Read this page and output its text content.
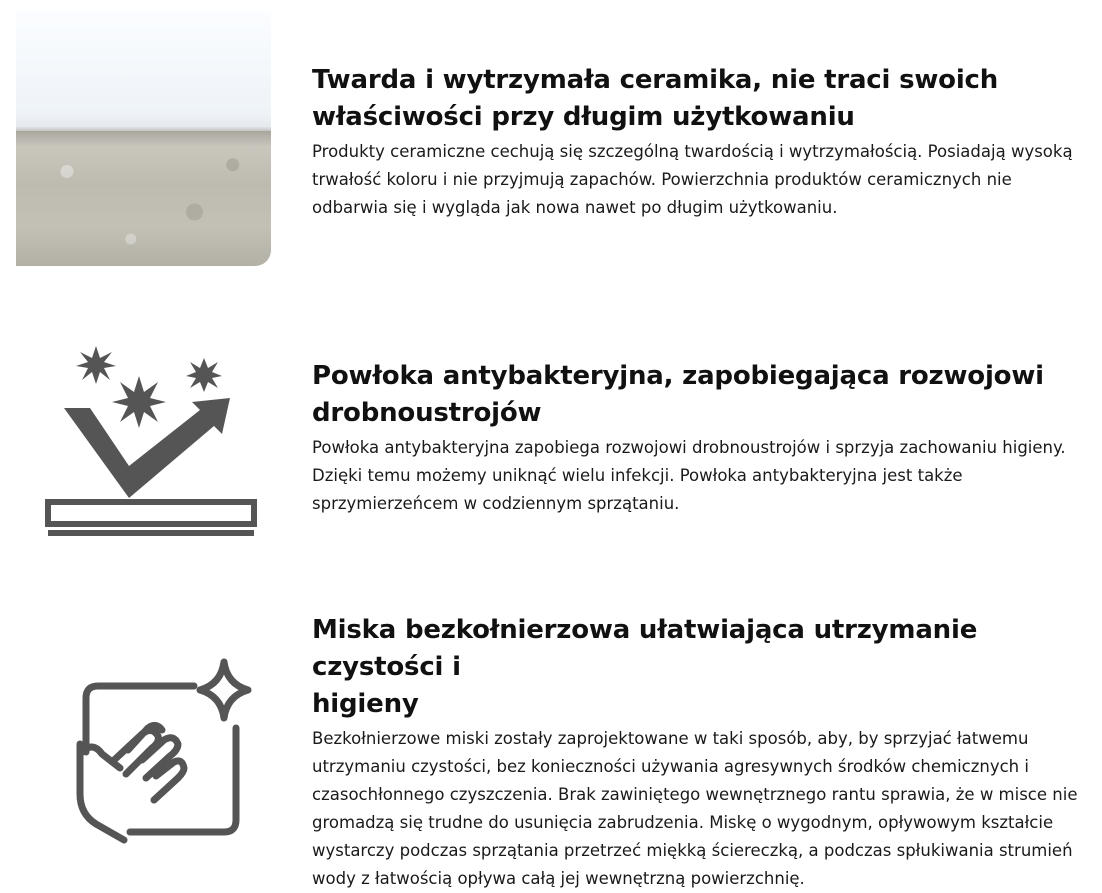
Twarda i wytrzymała ceramika, nie traci swoich
właściwości przy długim użytkowaniu

Produkty ceramiczne cechują się szczególną twardością i wytrzymałością. Posiadają wysoką trwałość koloru i nie przyjmują zapachów. Powierzchnia produktów ceramicznych nie odbarwia się i wygląda jak nowa nawet po długim użytkowaniu.

Powłoka antybakteryjna, zapobiegająca rozwojowi
drobnoustrojów

Powłoka antybakteryjna zapobiega rozwojowi drobnoustrojów i sprzyja zachowaniu higieny. Dzięki temu możemy uniknąć wielu infekcji. Powłoka antybakteryjna jest także sprzymierzeńcem w codziennym sprzątaniu.

Miska bezkołnierzowa ułatwiająca utrzymanie czystości i
higieny

Bezkołnierzowe miski zostały zaprojektowane w taki sposób, aby, by sprzyjać łatwemu utrzymaniu czystości, bez konieczności używania agresywnych środków chemicznych i czasochłonnego czyszczenia. Brak zawiniętego wewnętrznego rantu sprawia, że w misce nie gromadzą się trudne do usunięcia zabrudzenia. Miskę o wygodnym, opływowym kształcie wystarczy podczas sprzątania przetrzeć miękką ściereczką, a podczas spłukiwania strumień wody z łatwością opływa całą jej wewnętrzną powierzchnię.
